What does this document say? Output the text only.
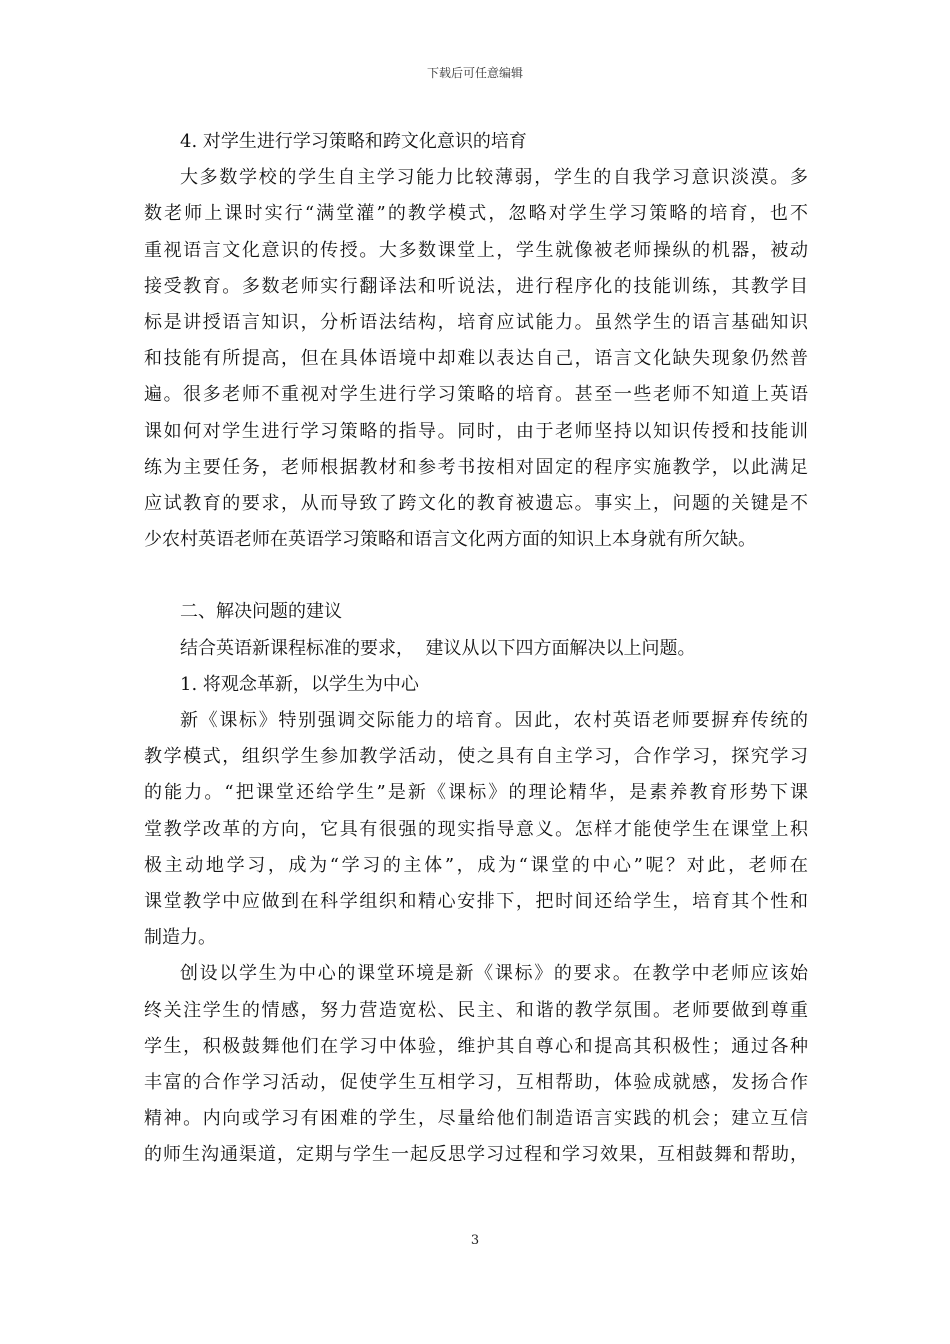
下载后可任意编辑
4. 对学生进行学习策略和跨文化意识的培育
大多数学校的学生自主学习能力比较薄弱，学生的自我学习意识淡漠。多
数老师上课时实行“满堂灌”的教学模式，忽略对学生学习策略的培育，也不
重视语言文化意识的传授。大多数课堂上，学生就像被老师操纵的机器，被动
接受教育。多数老师实行翻译法和听说法，进行程序化的技能训练，其教学目
标是讲授语言知识，分析语法结构，培育应试能力。虽然学生的语言基础知识
和技能有所提高，但在具体语境中却难以表达自己，语言文化缺失现象仍然普
遍。很多老师不重视对学生进行学习策略的培育。甚至一些老师不知道上英语
课如何对学生进行学习策略的指导。同时，由于老师坚持以知识传授和技能训
练为主要任务，老师根据教材和参考书按相对固定的程序实施教学，以此满足
应试教育的要求，从而导致了跨文化的教育被遗忘。事实上，问题的关键是不
少农村英语老师在英语学习策略和语言文化两方面的知识上本身就有所欠缺。
二、解决问题的建议
结合英语新课程标准的要求，  建议从以下四方面解决以上问题。
1. 将观念革新，以学生为中心
新《课标》特别强调交际能力的培育。因此，农村英语老师要摒弃传统的
教学模式，组织学生参加教学活动，使之具有自主学习，合作学习，探究学习
的能力。“把课堂还给学生”是新《课标》的理论精华，是素养教育形势下课
堂教学改革的方向，它具有很强的现实指导意义。怎样才能使学生在课堂上积
极主动地学习，成为“学习的主体”，成为“课堂的中心”呢？对此，老师在
课堂教学中应做到在科学组织和精心安排下，把时间还给学生，培育其个性和
制造力。
创设以学生为中心的课堂环境是新《课标》的要求。在教学中老师应该始
终关注学生的情感，努力营造宽松、民主、和谐的教学氛围。老师要做到尊重
学生，积极鼓舞他们在学习中体验，维护其自尊心和提高其积极性；通过各种
丰富的合作学习活动，促使学生互相学习，互相帮助，体验成就感，发扬合作
精神。内向或学习有困难的学生，尽量给他们制造语言实践的机会；建立互信
的师生沟通渠道，定期与学生一起反思学习过程和学习效果，互相鼓舞和帮助，
3
